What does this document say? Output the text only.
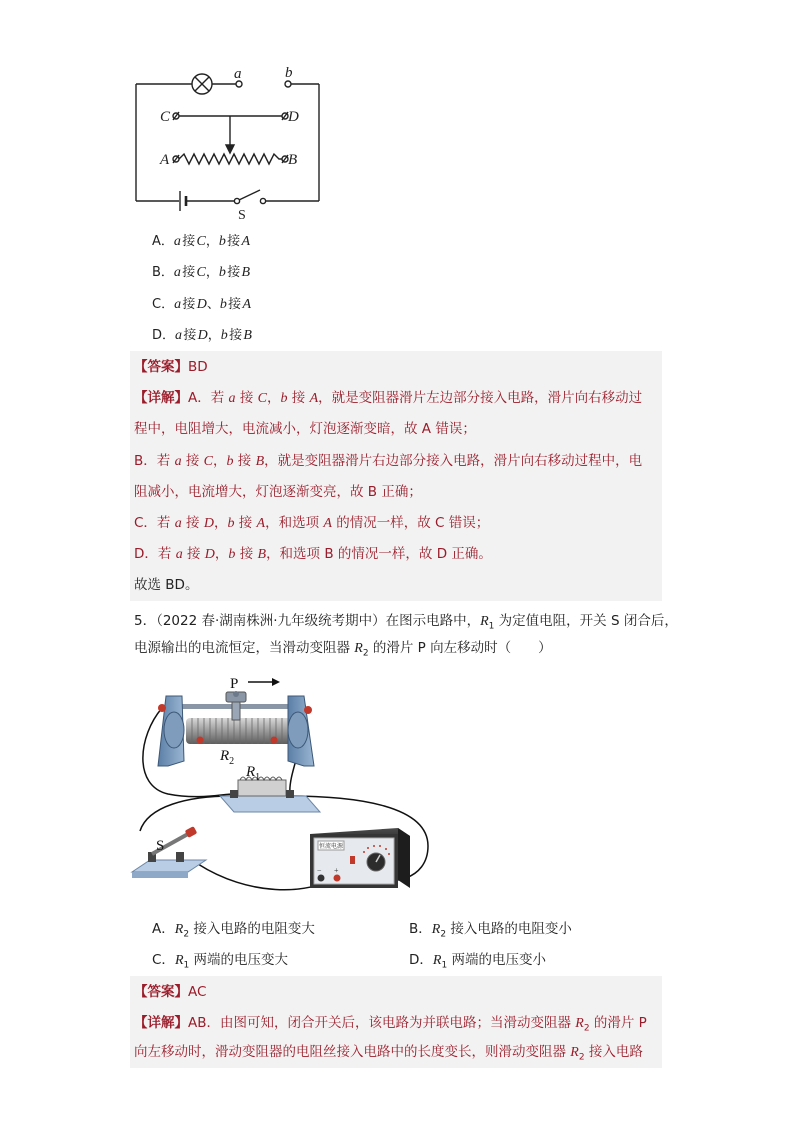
a	b
C	D
A	B
S
A．a 接 C，b 接 A
B．a 接 C，b 接 B
C．a 接 D、b 接 A
D．a 接 D，b 接 B
【答案】BD
【详解】A．若 a 接 C，b 接 A，就是变阻器滑片左边部分接入电路，滑片向右移动过
程中，电阻增大，电流减小，灯泡逐渐变暗，故 A 错误；
B．若 a 接 C，b 接 B，就是变阻器滑片右边部分接入电路，滑片向右移动过程中，电
阻减小，电流增大，灯泡逐渐变亮，故 B 正确；
C．若 a 接 D，b 接 A，和选项 A 的情况一样，故 C 错误；
D．若 a 接 D，b 接 B，和选项 B 的情况一样，故 D 正确。
故选 BD。
5．（2022 春·湖南株洲·九年级统考期中）在图示电路中，$R_1$ 为定值电阻，开关 S 闭合后，
电源输出的电流恒定，当滑动变阻器 $R_2$ 的滑片 P 向左移动时（　　）
P
$R_2$
$R_1$
S	恒流电源
− +
A．$R_2$ 接入电路的电阻变大	B．$R_2$ 接入电路的电阻变小
C．$R_1$ 两端的电压变大	D．$R_1$ 两端的电压变小
【答案】AC
【详解】AB．由图可知，闭合开关后，该电路为并联电路；当滑动变阻器 $R_2$ 的滑片 P
向左移动时，滑动变阻器的电阻丝接入电路中的长度变长，则滑动变阻器 $R_2$ 接入电路
